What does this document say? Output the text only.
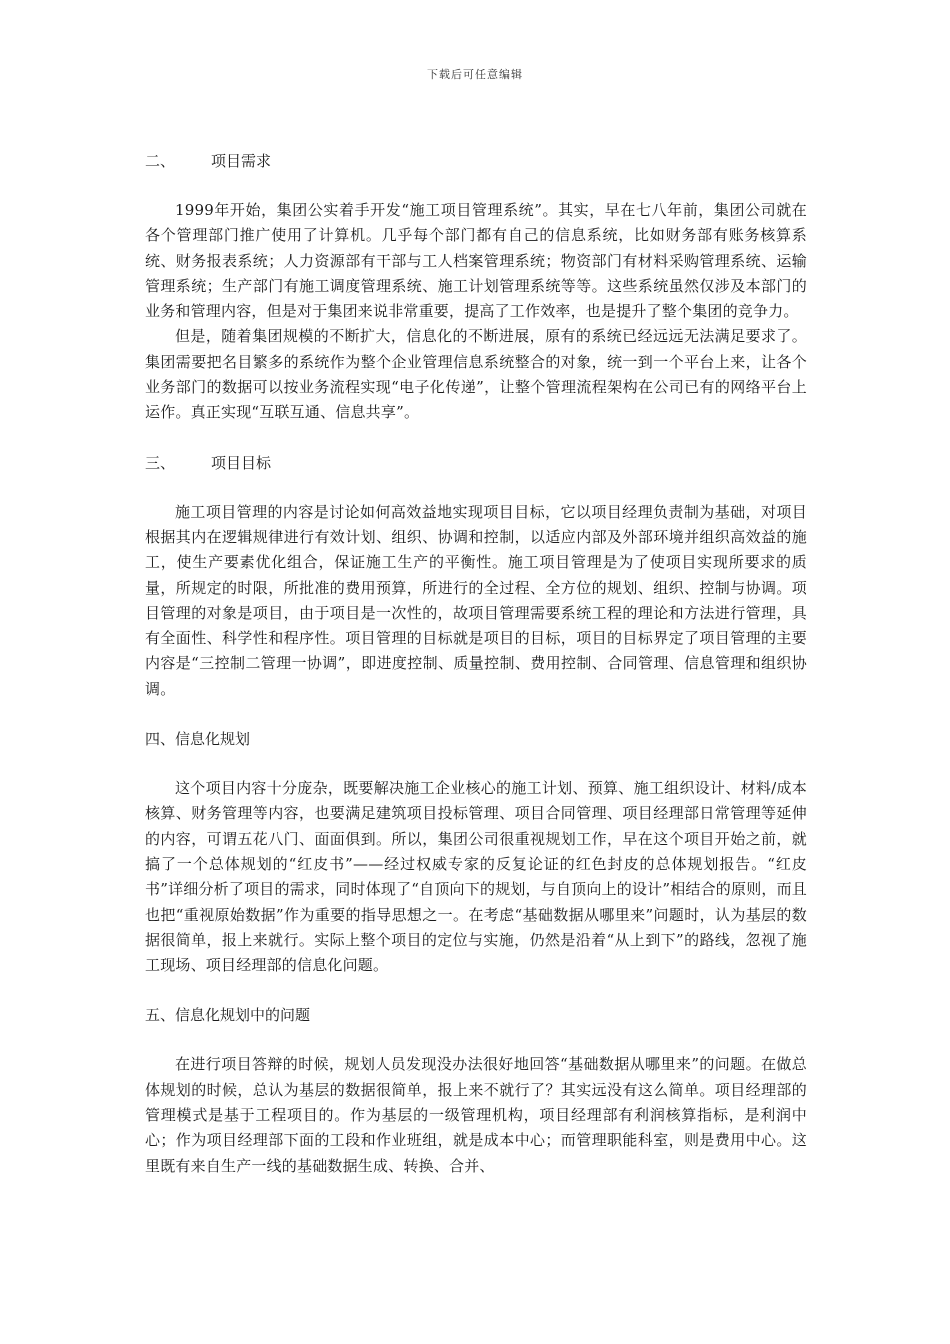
下载后可任意编辑
二、 项目需求

1999年开始，集团公实着手开发“施工项目管理系统”。其实，早在七八年前，集团公司就在各个管理部门推广使用了计算机。几乎每个部门都有自己的信息系统，比如财务部有账务核算系统、财务报表系统；人力资源部有干部与工人档案管理系统；物资部门有材料采购管理系统、运输管理系统；生产部门有施工调度管理系统、施工计划管理系统等等。这些系统虽然仅涉及本部门的业务和管理内容，但是对于集团来说非常重要，提高了工作效率，也是提升了整个集团的竞争力。

但是，随着集团规模的不断扩大，信息化的不断进展，原有的系统已经远远无法满足要求了。集团需要把名目繁多的系统作为整个企业管理信息系统整合的对象，统一到一个平台上来，让各个业务部门的数据可以按业务流程实现“电子化传递”，让整个管理流程架构在公司已有的网络平台上运作。真正实现“互联互通、信息共享”。

三、 项目目标

施工项目管理的内容是讨论如何高效益地实现项目目标，它以项目经理负责制为基础，对项目根据其内在逻辑规律进行有效计划、组织、协调和控制，以适应内部及外部环境并组织高效益的施工，使生产要素优化组合，保证施工生产的平衡性。施工项目管理是为了使项目实现所要求的质量，所规定的时限，所批准的费用预算，所进行的全过程、全方位的规划、组织、控制与协调。项目管理的对象是项目，由于项目是一次性的，故项目管理需要系统工程的理论和方法进行管理，具有全面性、科学性和程序性。项目管理的目标就是项目的目标，项目的目标界定了项目管理的主要内容是“三控制二管理一协调”，即进度控制、质量控制、费用控制、合同管理、信息管理和组织协调。

四、信息化规划

这个项目内容十分庞杂，既要解决施工企业核心的施工计划、预算、施工组织设计、材料/成本核算、财务管理等内容，也要满足建筑项目投标管理、项目合同管理、项目经理部日常管理等延伸的内容，可谓五花八门、面面俱到。所以，集团公司很重视规划工作，早在这个项目开始之前，就搞了一个总体规划的“红皮书”——经过权威专家的反复论证的红色封皮的总体规划报告。“红皮书”详细分析了项目的需求，同时体现了“自顶向下的规划，与自顶向上的设计”相结合的原则，而且也把“重视原始数据”作为重要的指导思想之一。在考虑“基础数据从哪里来”问题时，认为基层的数据很简单，报上来就行。实际上整个项目的定位与实施，仍然是沿着“从上到下”的路线，忽视了施工现场、项目经理部的信息化问题。

五、信息化规划中的问题

在进行项目答辩的时候，规划人员发现没办法很好地回答“基础数据从哪里来”的问题。在做总体规划的时候，总认为基层的数据很简单，报上来不就行了？其实远没有这么简单。项目经理部的管理模式是基于工程项目的。作为基层的一级管理机构，项目经理部有利润核算指标，是利润中心；作为项目经理部下面的工段和作业班组，就是成本中心；而管理职能科室，则是费用中心。这里既有来自生产一线的基础数据生成、转换、合并、
